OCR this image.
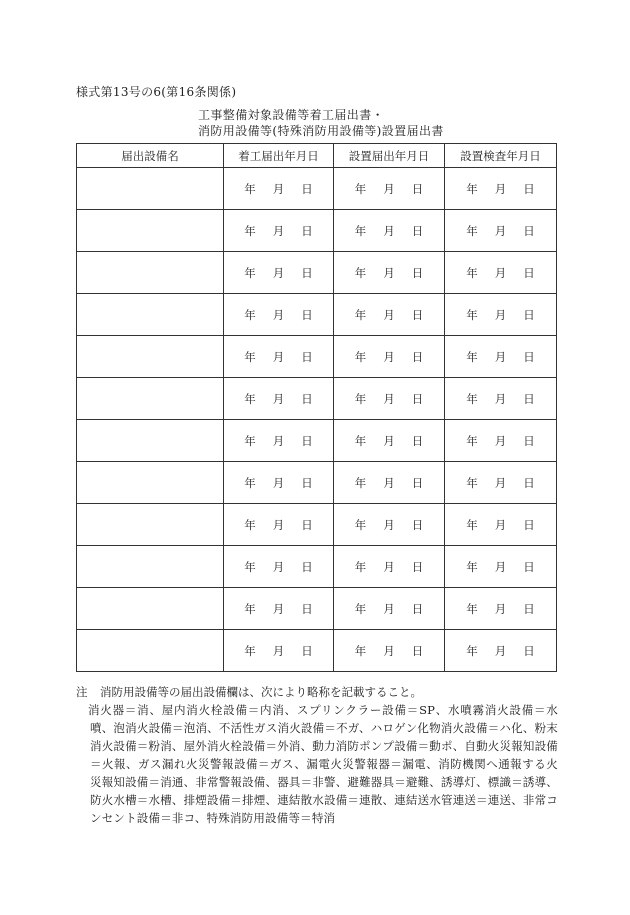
様式第13号の6(第16条関係)
工事整備対象設備等着工届出書・
消防用設備等(特殊消防用設備等)設置届出書
届出設備名	着工届出年月日	設置届出年月日	設置検査年月日

	年 月 日	年 月 日	年 月 日

	年 月 日	年 月 日	年 月 日

	年 月 日	年 月 日	年 月 日

	年 月 日	年 月 日	年 月 日

	年 月 日	年 月 日	年 月 日

	年 月 日	年 月 日	年 月 日

	年 月 日	年 月 日	年 月 日

	年 月 日	年 月 日	年 月 日

	年 月 日	年 月 日	年 月 日

	年 月 日	年 月 日	年 月 日

	年 月 日	年 月 日	年 月 日

	年 月 日	年 月 日	年 月 日
注	消防用設備等の届出設備欄は、次により略称を記載すること。
消火器＝消、屋内消火栓設備＝内消、スプリンクラー設備＝SP、水噴霧消火設備＝水噴、泡消火設備＝泡消、不活性ガス消火設備＝不ガ、ハロゲン化物消火設備＝ハ化、粉末消火設備＝粉消、屋外消火栓設備＝外消、動力消防ポンプ設備＝動ポ、自動火災報知設備＝火報、ガス漏れ火災警報設備＝ガス、漏電火災警報器＝漏電、消防機関へ通報する火災報知設備＝消通、非常警報設備、器具＝非警、避難器具＝避難、誘導灯、標識＝誘導、防火水槽＝水槽、排煙設備＝排煙、連結散水設備＝連散、連結送水管連送＝連送、非常コンセント設備＝非コ、特殊消防用設備等＝特消
